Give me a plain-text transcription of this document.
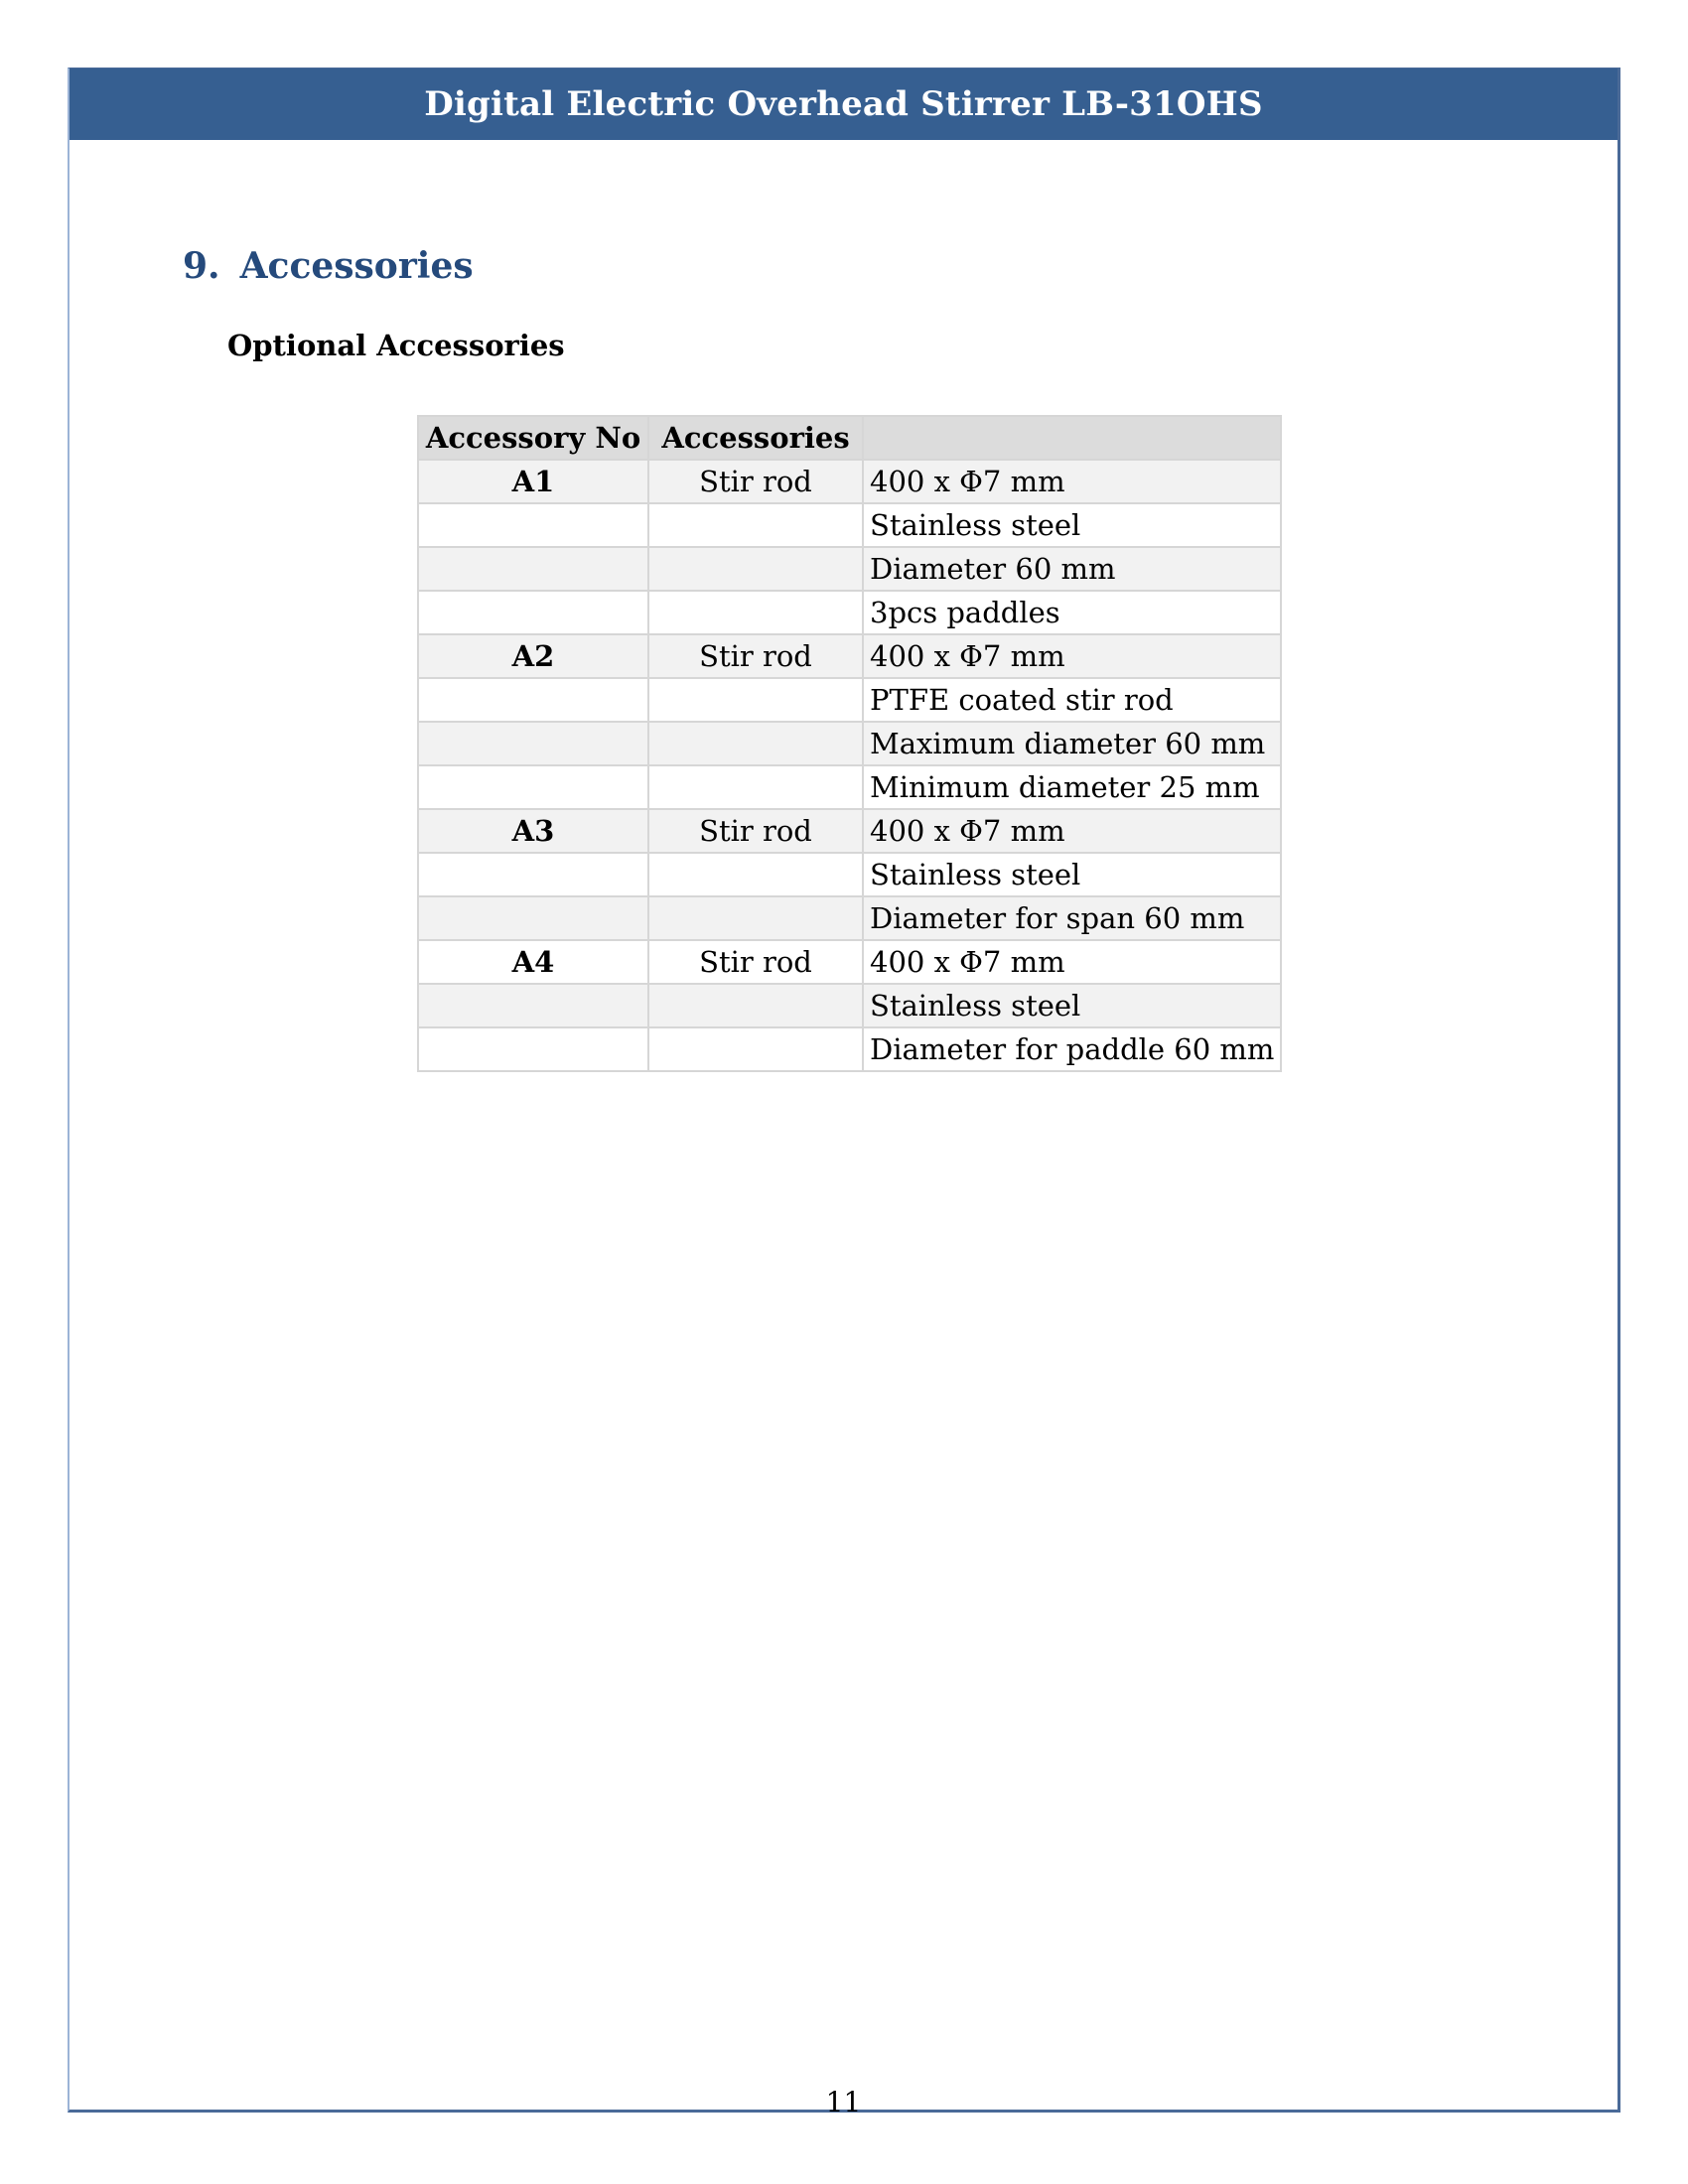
Digital Electric Overhead Stirrer LB-31OHS
9. Accessories
Optional Accessories
Accessory No	Accessories	
A1	Stir rod	400 x Φ7 mm
		Stainless steel
		Diameter 60 mm
		3pcs paddles
A2	Stir rod	400 x Φ7 mm
		PTFE coated stir rod
		Maximum diameter 60 mm
		Minimum diameter 25 mm
A3	Stir rod	400 x Φ7 mm
		Stainless steel
		Diameter for span 60 mm
A4	Stir rod	400 x Φ7 mm
		Stainless steel
		Diameter for paddle 60 mm
11
